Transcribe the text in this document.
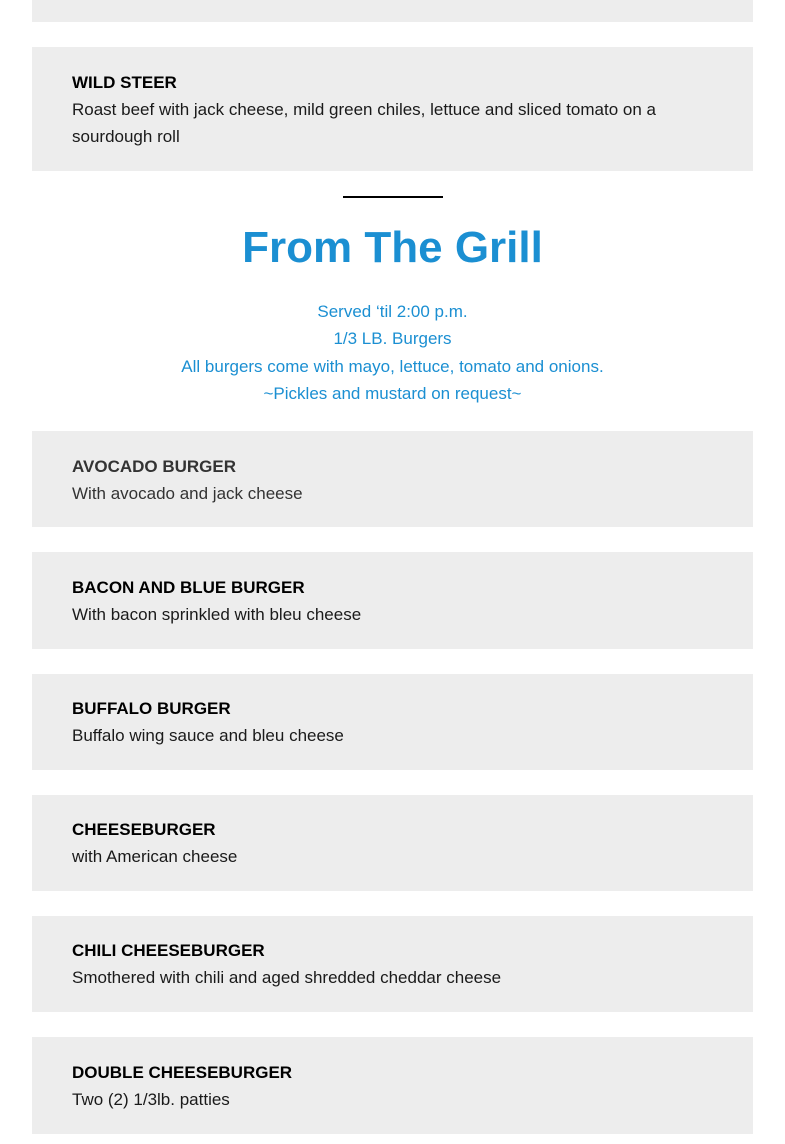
WILD STEER

Roast beef with jack cheese, mild green chiles, lettuce and sliced tomato on a

sourdough roll

From The Grill
Served ‘til 2:00 p.m.
1/3 LB. Burgers
All burgers come with mayo, lettuce, tomato and onions.
~Pickles and mustard on request~

AVOCADO BURGER

With avocado and jack cheese

BACON AND BLUE BURGER

With bacon sprinkled with bleu cheese

BUFFALO BURGER

Buffalo wing sauce and bleu cheese

CHEESEBURGER

with American cheese

CHILI CHEESEBURGER

Smothered with chili and aged shredded cheddar cheese

DOUBLE CHEESEBURGER

Two (2) 1/3lb. patties
